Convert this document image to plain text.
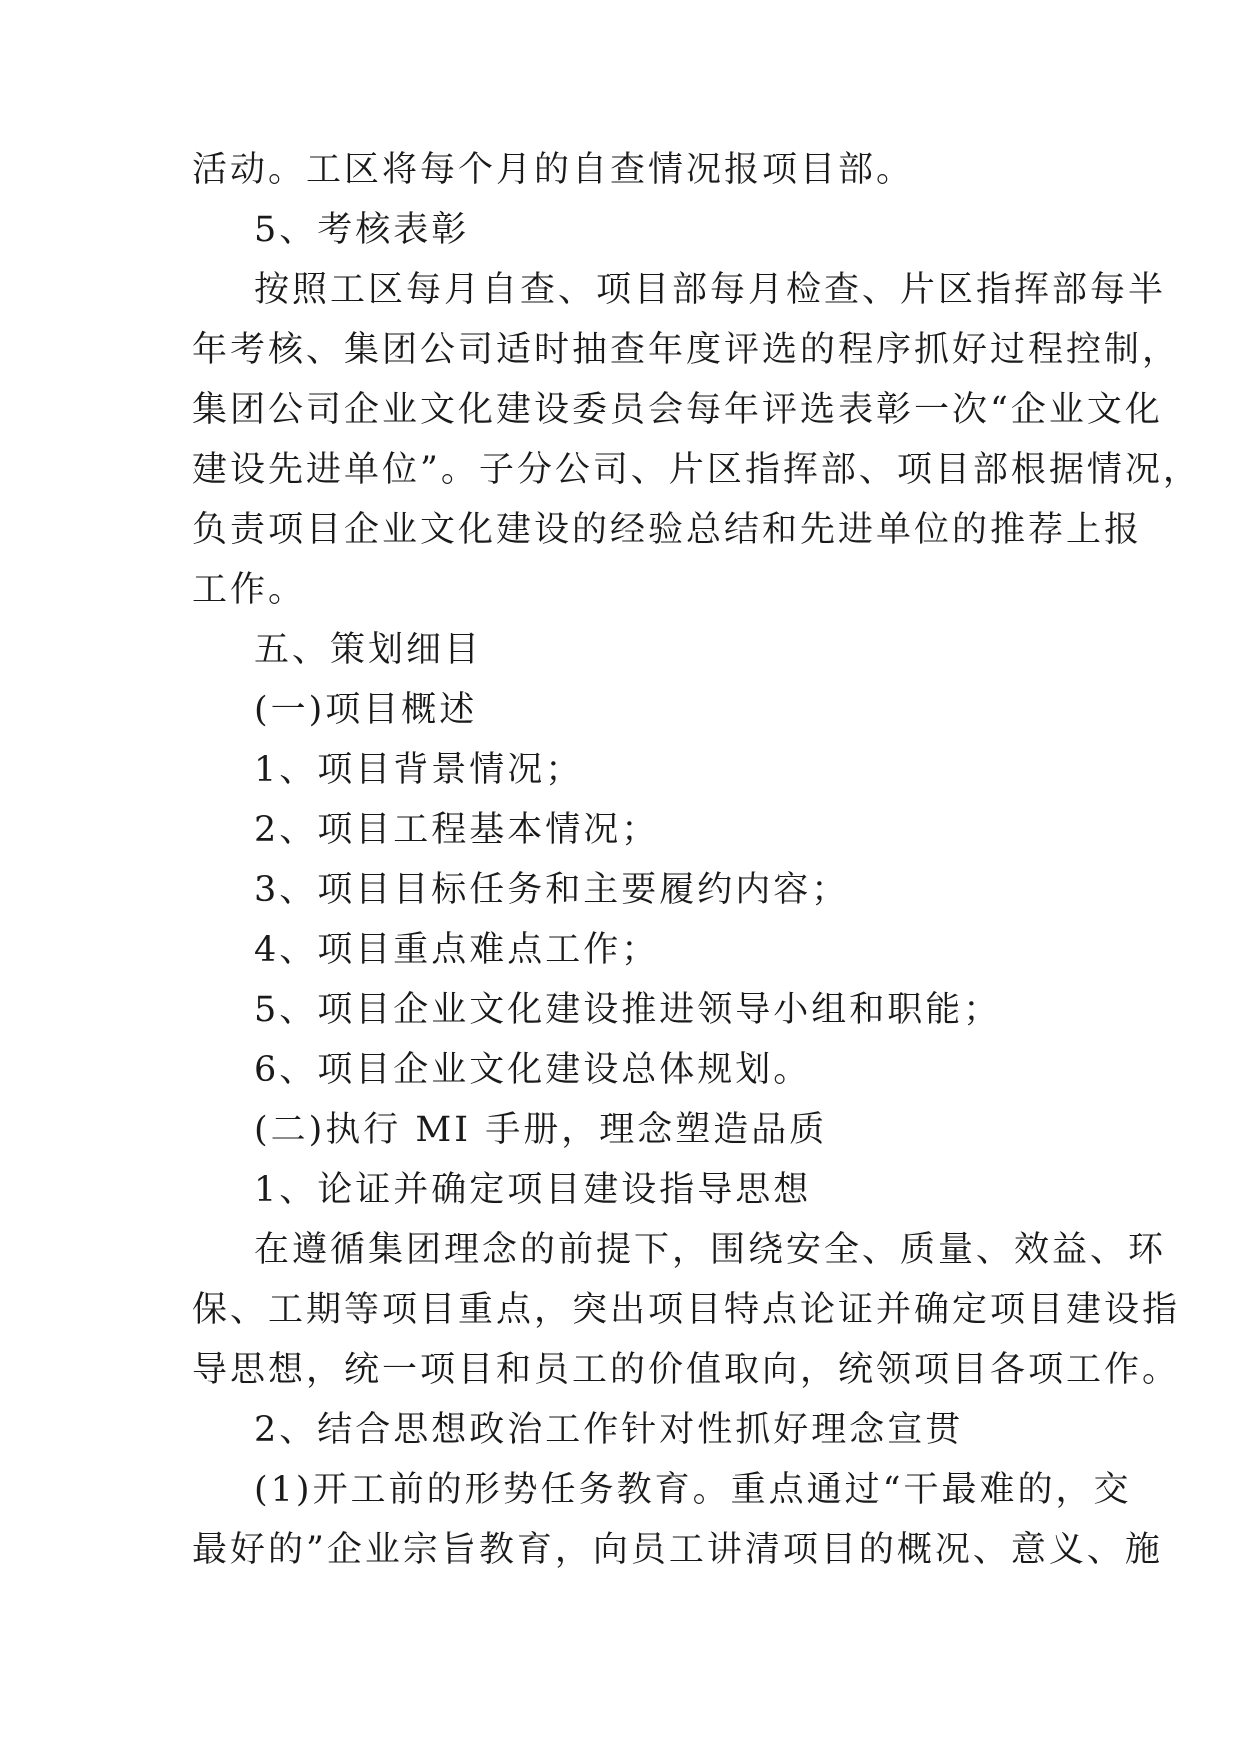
活动。工区将每个月的自查情况报项目部。
5、考核表彰
按照工区每月自查、项目部每月检查、片区指挥部每半
年考核、集团公司适时抽查年度评选的程序抓好过程控制，
集团公司企业文化建设委员会每年评选表彰一次“企业文化
建设先进单位”。子分公司、片区指挥部、项目部根据情况，
负责项目企业文化建设的经验总结和先进单位的推荐上报
工作。
五、策划细目
(一)项目概述
1、项目背景情况；
2、项目工程基本情况；
3、项目目标任务和主要履约内容；
4、项目重点难点工作；
5、项目企业文化建设推进领导小组和职能；
6、项目企业文化建设总体规划。
(二)执行 MI 手册，理念塑造品质
1、论证并确定项目建设指导思想
在遵循集团理念的前提下，围绕安全、质量、效益、环
保、工期等项目重点，突出项目特点论证并确定项目建设指
导思想，统一项目和员工的价值取向，统领项目各项工作。
2、结合思想政治工作针对性抓好理念宣贯
(1)开工前的形势任务教育。重点通过“干最难的，交
最好的”企业宗旨教育，向员工讲清项目的概况、意义、施
